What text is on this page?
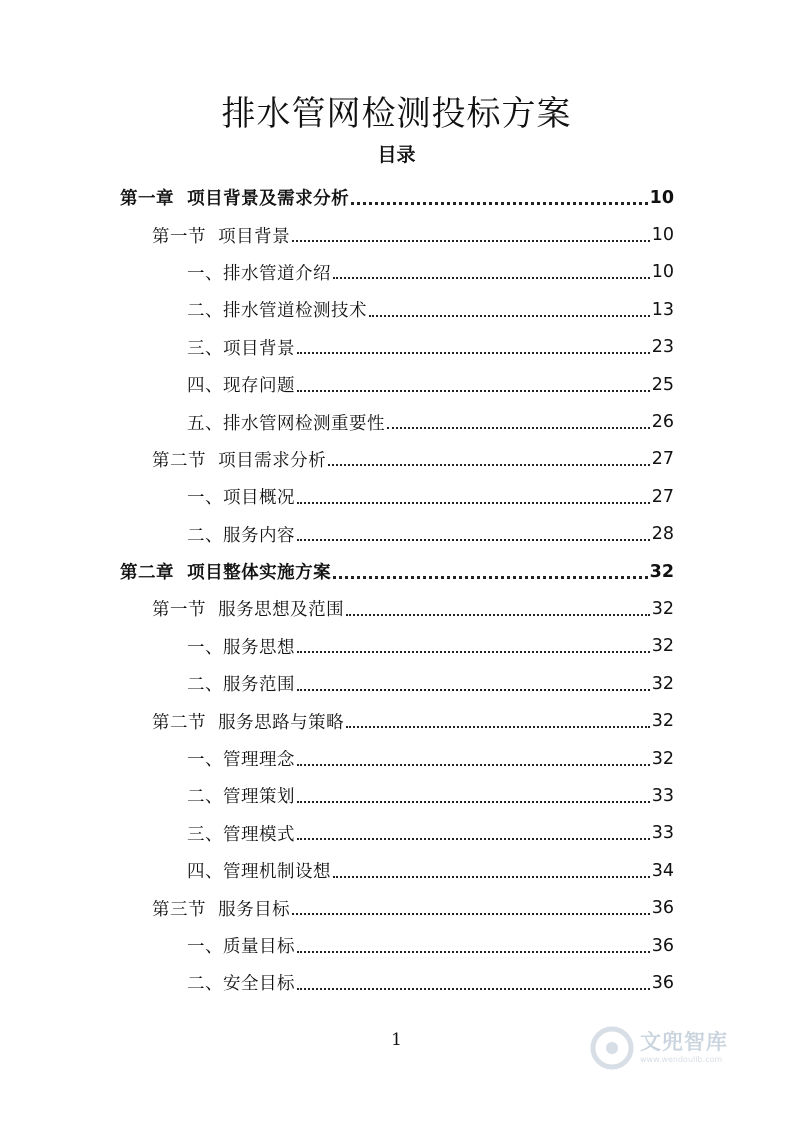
排水管网检测投标方案
目录
第一章  项目背景及需求分析	10
第一节  项目背景	10
一、排水管道介绍	10
二、排水管道检测技术	13
三、项目背景	23
四、现存问题	25
五、排水管网检测重要性	26
第二节  项目需求分析	27
一、项目概况	27
二、服务内容	28
第二章  项目整体实施方案	32
第一节  服务思想及范围	32
一、服务思想	32
二、服务范围	32
第二节  服务思路与策略	32
一、管理理念	32
二、管理策划	33
三、管理模式	33
四、管理机制设想	34
第三节  服务目标	36
一、质量目标	36
二、安全目标	36
1	文兜智库
www.wendoulib.com
